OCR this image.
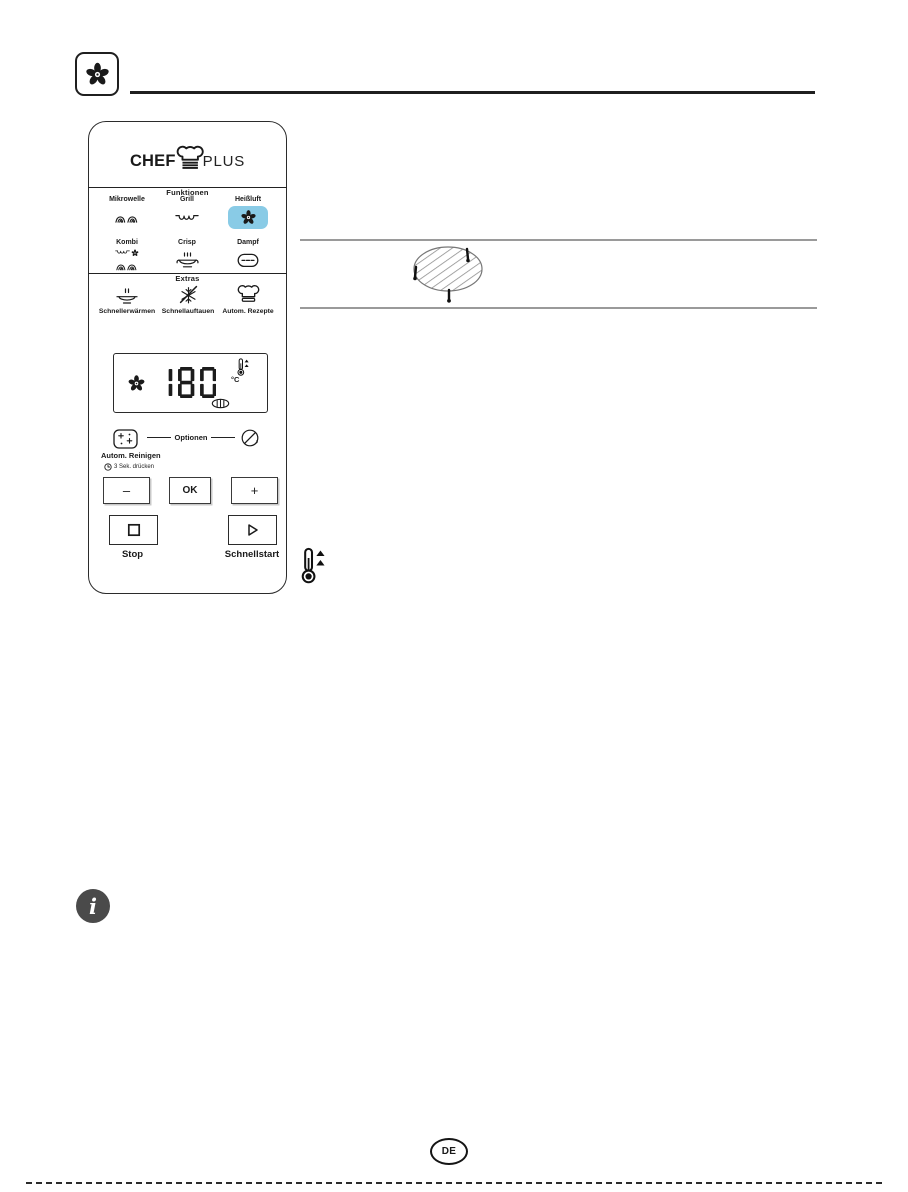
CHEF PLUS
$^{Funktionen}$
Mikrowelle	Grill	Heißluft
Kombi	Crisp	Dampf
$^{Extras}$
Schnellerwärmen Schnellauftauen	Autom. Rezepte
°C
Optionen
Autom. Reinigen
3 Sek. drücken
–	OK	+
Stop	Schnellstart
i
DE
